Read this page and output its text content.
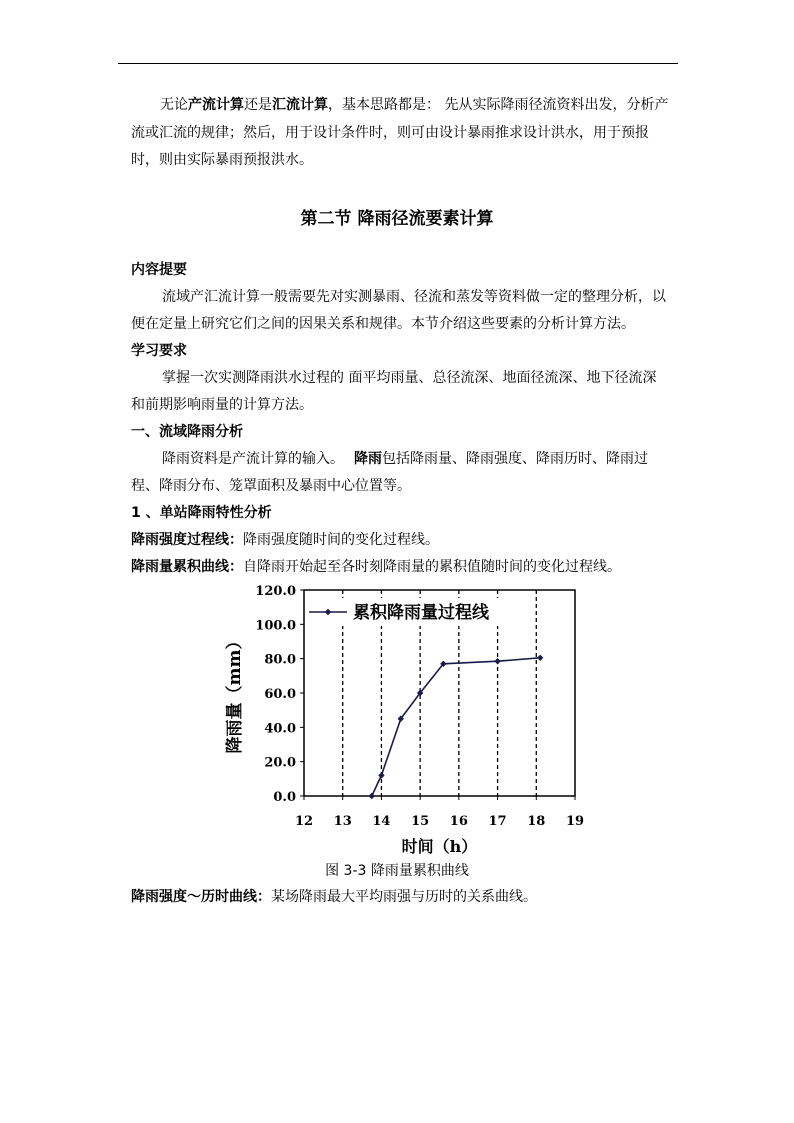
无论产流计算还是汇流计算，基本思路都是： 先从实际降雨径流资料出发，分析产
流或汇流的规律；然后，用于设计条件时，则可由设计暴雨推求设计洪水，用于预报
时，则由实际暴雨预报洪水。
第二节 降雨径流要素计算
内容提要
流域产汇流计算一般需要先对实测暴雨、径流和蒸发等资料做一定的整理分析，以
便在定量上研究它们之间的因果关系和规律。本节介绍这些要素的分析计算方法。
学习要求
掌握一次实测降雨洪水过程的 面平均雨量、总径流深、地面径流深、地下径流深
和前期影响雨量的计算方法。
一、流域降雨分析
降雨资料是产流计算的输入。 降雨包括降雨量、降雨强度、降雨历时、降雨过
程、降雨分布、笼罩面积及暴雨中心位置等。
1 、单站降雨特性分析
降雨强度过程线：降雨强度随时间的变化过程线。
降雨量累积曲线：自降雨开始起至各时刻降雨量的累积值随时间的变化过程线。
0.0
20.0
40.0
60.0
80.0
100.0
120.0
12 13 14 15 16 17 18 19
累积降雨量过程线
降雨量（mm）
时间（h）
图 3-3 降雨量累积曲线
降雨强度～历时曲线：某场降雨最大平均雨强与历时的关系曲线。
